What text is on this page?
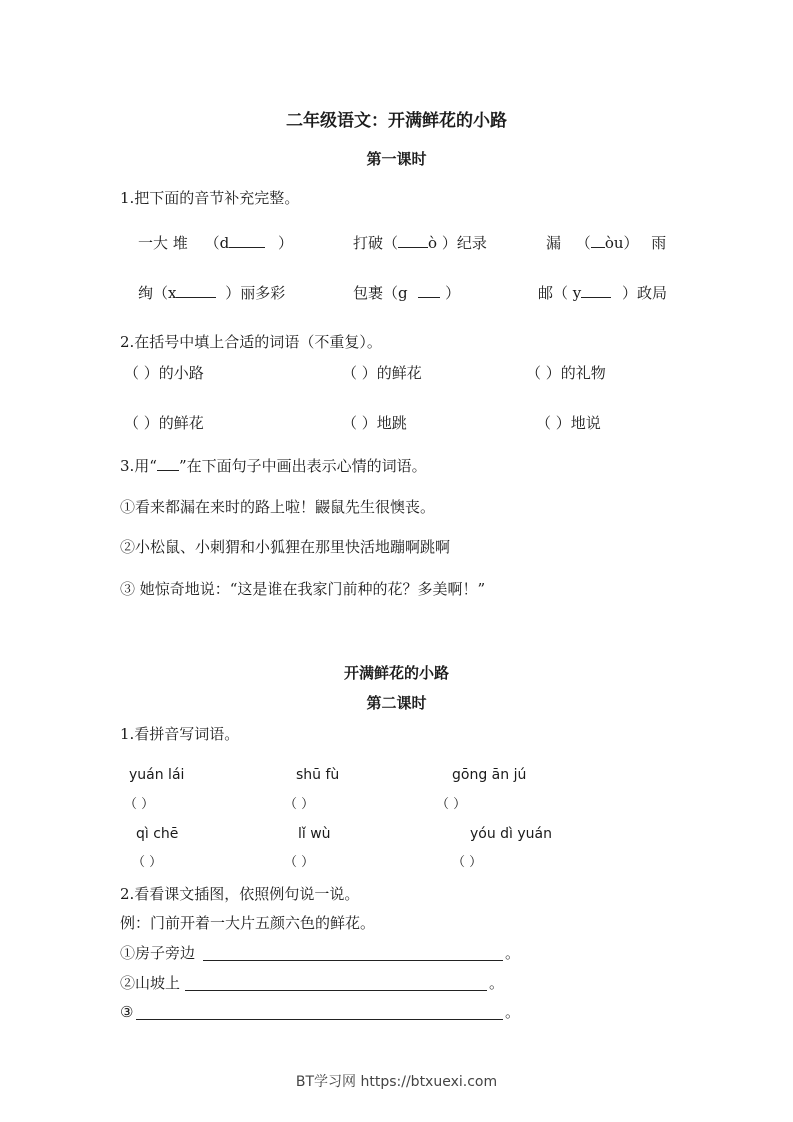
二年级语文：开满鲜花的小路
第一课时
1.把下面的音节补充完整。
一大 堆 （d	）	打破（ ò ）纪录	漏 （ òu） 雨
绚（x	）丽多彩	包裹（g	）	邮（ y	）政局
2.在括号中填上合适的词语（不重复）。
（ ）的小路	（ ）的鲜花	（ ）的礼物
（ ）的鲜花	（ ）地跳	（ ）地说
3.用“ ”在下面句子中画出表示心情的词语。
①看来都漏在来时的路上啦！鼹鼠先生很懊丧。
②小松鼠、小刺猬和小狐狸在那里快活地蹦啊跳啊
③ 她惊奇地说：“这是谁在我家门前种的花？多美啊！”
开满鲜花的小路
第二课时
1.看拼音写词语。
yuán lái	shū fù	gōng ān jú
（ ）	（ ）	（ ）
qì chē	lǐ wù	yóu dì yuán
（ ）	（ ）	（ ）
2.看看课文插图，依照例句说一说。
例：门前开着一大片五颜六色的鲜花。
①房子旁边	。
②山坡上	。
③	。
BT学习网 https://btxuexi.com
